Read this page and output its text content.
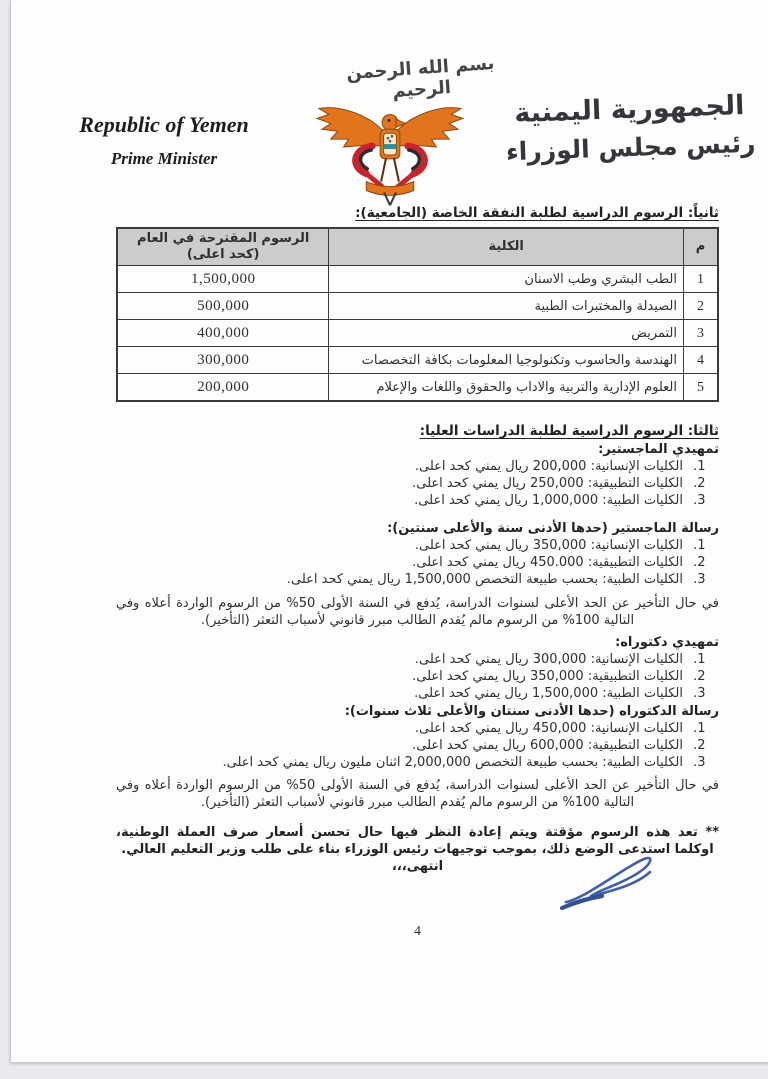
بسم الله الرحمن الرحيم
Republic of Yemen
Prime Minister
الجمهورية اليمنية
رئيس مجلس الوزراء
ثانياً: الرسوم الدراسية لطلبة النفقة الخاصة (الجامعية):
م	الكلية	الرسوم المقترحة في العام
(كحد اعلى)

1	الطب البشري وطب الاسنان	1,500,000
2	الصيدلة والمختبرات الطبية	500,000
3	التمريض	400,000
4	الهندسة والحاسوب وتكنولوجيا المعلومات بكافة التخصصات	300,000
5	العلوم الإدارية والتربية والاداب والحقوق واللغات والإعلام	200,000
ثالثا: الرسوم الدراسية لطلبة الدراسات العليا:
تمهيدي الماجستير:
1. الكليات الإنسانية: 200,000 ريال يمني كحد اعلى.
2. الكليات التطبيقية: 250,000 ريال يمني كحد اعلى.
3. الكليات الطبية: 1,000,000 ريال يمني كحد اعلى.
رسالة الماجستير (حدها الأدنى سنة والأعلى سنتين):
1. الكليات الإنسانية: 350,000 ريال يمني كحد اعلى.
2. الكليات التطبيقية: 450.000 ريال يمني كحد اعلى.
3. الكليات الطبية: بحسب طبيعة التخصص 1,500,000 ريال يمني كحد اعلى.

في حال التأخير عن الحد الأعلى لسنوات الدراسة، يُدفع في السنة الأولى 50% من الرسوم الواردة أعلاه وفي التالية 100% من الرسوم مالم يُقدم الطالب مبرر قانوني لأسباب التعثر (التأخير).

تمهيدي دكتوراه:
1. الكليات الإنسانية: 300,000 ريال يمني كحد اعلى.
2. الكليات التطبيقية: 350,000 ريال يمني كحد اعلى.
3. الكليات الطبية: 1,500,000 ريال يمني كحد اعلى.
رسالة الدكتوراه (حدها الأدنى سنتان والأعلى ثلاث سنوات):
1. الكليات الإنسانية: 450,000 ريال يمني كحد اعلى.
2. الكليات التطبيقية: 600,000 ريال يمني كحد اعلى.
3. الكليات الطبية: بحسب طبيعة التخصص 2,000,000 اثنان مليون ريال يمني كحد اعلى.

في حال التأخير عن الحد الأعلى لسنوات الدراسة، يُدفع في السنة الأولى 50% من الرسوم الواردة أعلاه وفي التالية 100% من الرسوم مالم يُقدم الطالب مبرر قانوني لأسباب التعثر (التأخير).

** تعد هذه الرسوم مؤقتة ويتم إعادة النظر فيها حال تحسن أسعار صرف العملة الوطنية، اوكلما استدعى الوضع ذلك، بموجب توجيهات رئيس الوزراء بناء على طلب وزير التعليم العالي.

انتهى،،،
4
